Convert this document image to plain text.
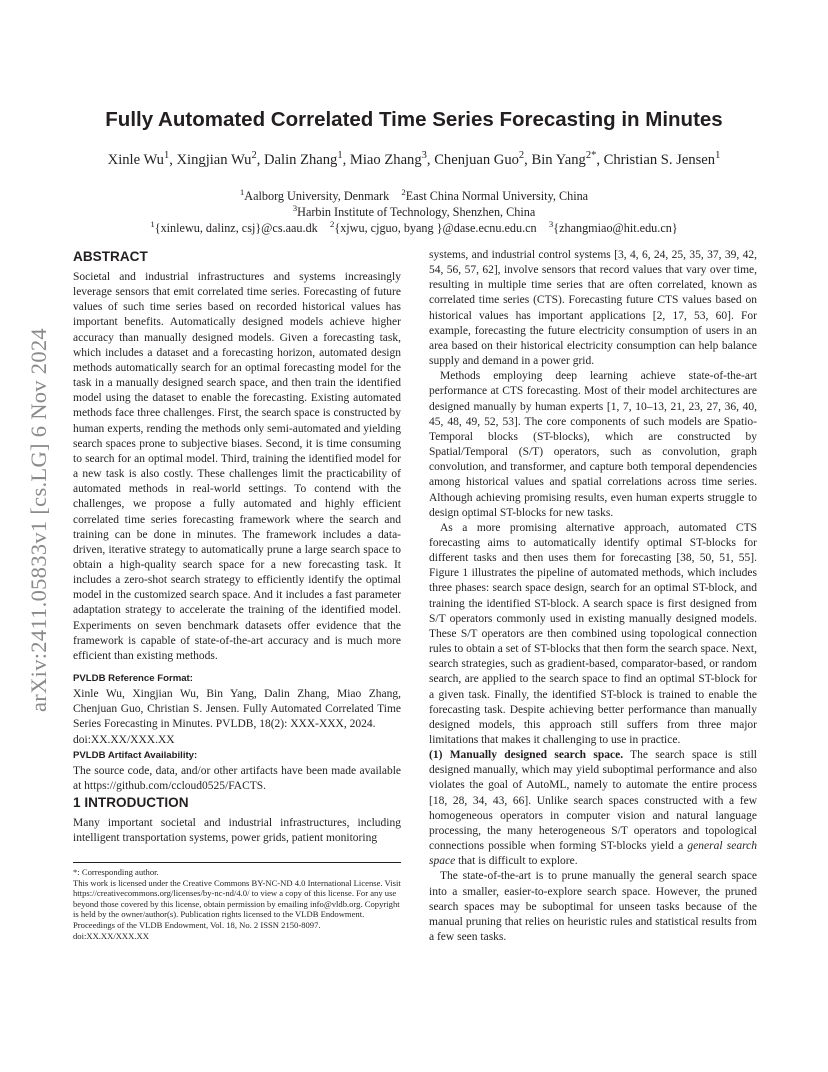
arXiv:2411.05833v1 [cs.LG] 6 Nov 2024
Fully Automated Correlated Time Series Forecasting in Minutes

Xinle Wu$^1$, Xingjian Wu$^2$, Dalin Zhang$^1$, Miao Zhang$^3$, Chenjuan Guo$^2$, Bin Yang$^{2*}$, Christian S. Jensen$^1$

$^1$Aalborg University, Denmark $^2$East China Normal University, China

$^3$Harbin Institute of Technology, Shenzhen, China

$^1${xinlewu, dalinz, csj}@cs.aau.dk $^2${xjwu, cjguo, byang }@dase.ecnu.edu.cn $^3${zhangmiao@hit.edu.cn}

ABSTRACT

Societal and industrial infrastructures and systems increasingly leverage sensors that emit correlated time series. Forecasting of future values of such time series based on recorded historical values has important benefits. Automatically designed models achieve higher accuracy than manually designed models. Given a forecasting task, which includes a dataset and a forecasting horizon, automated design methods automatically search for an optimal forecasting model for the task in a manually designed search space, and then train the identified model using the dataset to enable the forecasting. Existing automated methods face three challenges. First, the search space is constructed by human experts, rending the methods only semi-automated and yielding search spaces prone to subjective biases. Second, it is time consuming to search for an optimal model. Third, training the identified model for a new task is also costly. These challenges limit the practicability of automated methods in real-world settings. To contend with the challenges, we propose a fully automated and highly efficient correlated time series forecasting framework where the search and training can be done in minutes. The framework includes a data-driven, iterative strategy to automatically prune a large search space to obtain a high-quality search space for a new forecasting task. It includes a zero-shot search strategy to efficiently identify the optimal model in the customized search space. And it includes a fast parameter adaptation strategy to accelerate the training of the identified model. Experiments on seven benchmark datasets offer evidence that the framework is capable of state-of-the-art accuracy and is much more efficient than existing methods.

PVLDB Reference Format:

Xinle Wu, Xingjian Wu, Bin Yang, Dalin Zhang, Miao Zhang, Chenjuan Guo, Christian S. Jensen. Fully Automated Correlated Time Series Forecasting in Minutes. PVLDB, 18(2): XXX-XXX, 2024.

doi:XX.XX/XXX.XX

PVLDB Artifact Availability:

The source code, data, and/or other artifacts have been made available at https://github.com/ccloud0525/FACTS.

1 INTRODUCTION

Many important societal and industrial infrastructures, including intelligent transportation systems, power grids, patient monitoring

*: Corresponding author.

This work is licensed under the Creative Commons BY-NC-ND 4.0 International License. Visit https://creativecommons.org/licenses/by-nc-nd/4.0/ to view a copy of this license. For any use beyond those covered by this license, obtain permission by emailing info@vldb.org. Copyright is held by the owner/author(s). Publication rights licensed to the VLDB Endowment.

Proceedings of the VLDB Endowment, Vol. 18, No. 2 ISSN 2150-8097.

doi:XX.XX/XXX.XX

systems, and industrial control systems [3, 4, 6, 24, 25, 35, 37, 39, 42, 54, 56, 57, 62], involve sensors that record values that vary over time, resulting in multiple time series that are often correlated, known as correlated time series (CTS). Forecasting future CTS values based on historical values has important applications [2, 17, 53, 60]. For example, forecasting the future electricity consumption of users in an area based on their historical electricity consumption can help balance supply and demand in a power grid.

Methods employing deep learning achieve state-of-the-art performance at CTS forecasting. Most of their model architectures are designed manually by human experts [1, 7, 10–13, 21, 23, 27, 36, 40, 45, 48, 49, 52, 53]. The core components of such models are Spatio-Temporal blocks (ST-blocks), which are constructed by Spatial/Temporal (S/T) operators, such as convolution, graph convolution, and transformer, and capture both temporal dependencies among historical values and spatial correlations across time series. Although achieving promising results, even human experts struggle to design optimal ST-blocks for new tasks.

As a more promising alternative approach, automated CTS forecasting aims to automatically identify optimal ST-blocks for different tasks and then uses them for forecasting [38, 50, 51, 55]. Figure 1 illustrates the pipeline of automated methods, which includes three phases: search space design, search for an optimal ST-block, and training the identified ST-block. A search space is first designed from S/T operators commonly used in existing manually designed models. These S/T operators are then combined using topological connection rules to obtain a set of ST-blocks that then form the search space. Next, search strategies, such as gradient-based, comparator-based, or random search, are applied to the search space to find an optimal ST-block for a given task. Finally, the identified ST-block is trained to enable the forecasting task. Despite achieving better performance than manually designed models, this approach still suffers from three major limitations that makes it challenging to use in practice.

(1) Manually designed search space. The search space is still designed manually, which may yield suboptimal performance and also violates the goal of AutoML, namely to automate the entire process [18, 28, 34, 43, 66]. Unlike search spaces constructed with a few homogeneous operators in computer vision and natural language processing, the many heterogeneous S/T operators and topological connections possible when forming ST-blocks yield a general search space that is difficult to explore.

The state-of-the-art is to prune manually the general search space into a smaller, easier-to-explore search space. However, the pruned search spaces may be suboptimal for unseen tasks because of the manual pruning that relies on heuristic rules and statistical results from a few seen tasks.
